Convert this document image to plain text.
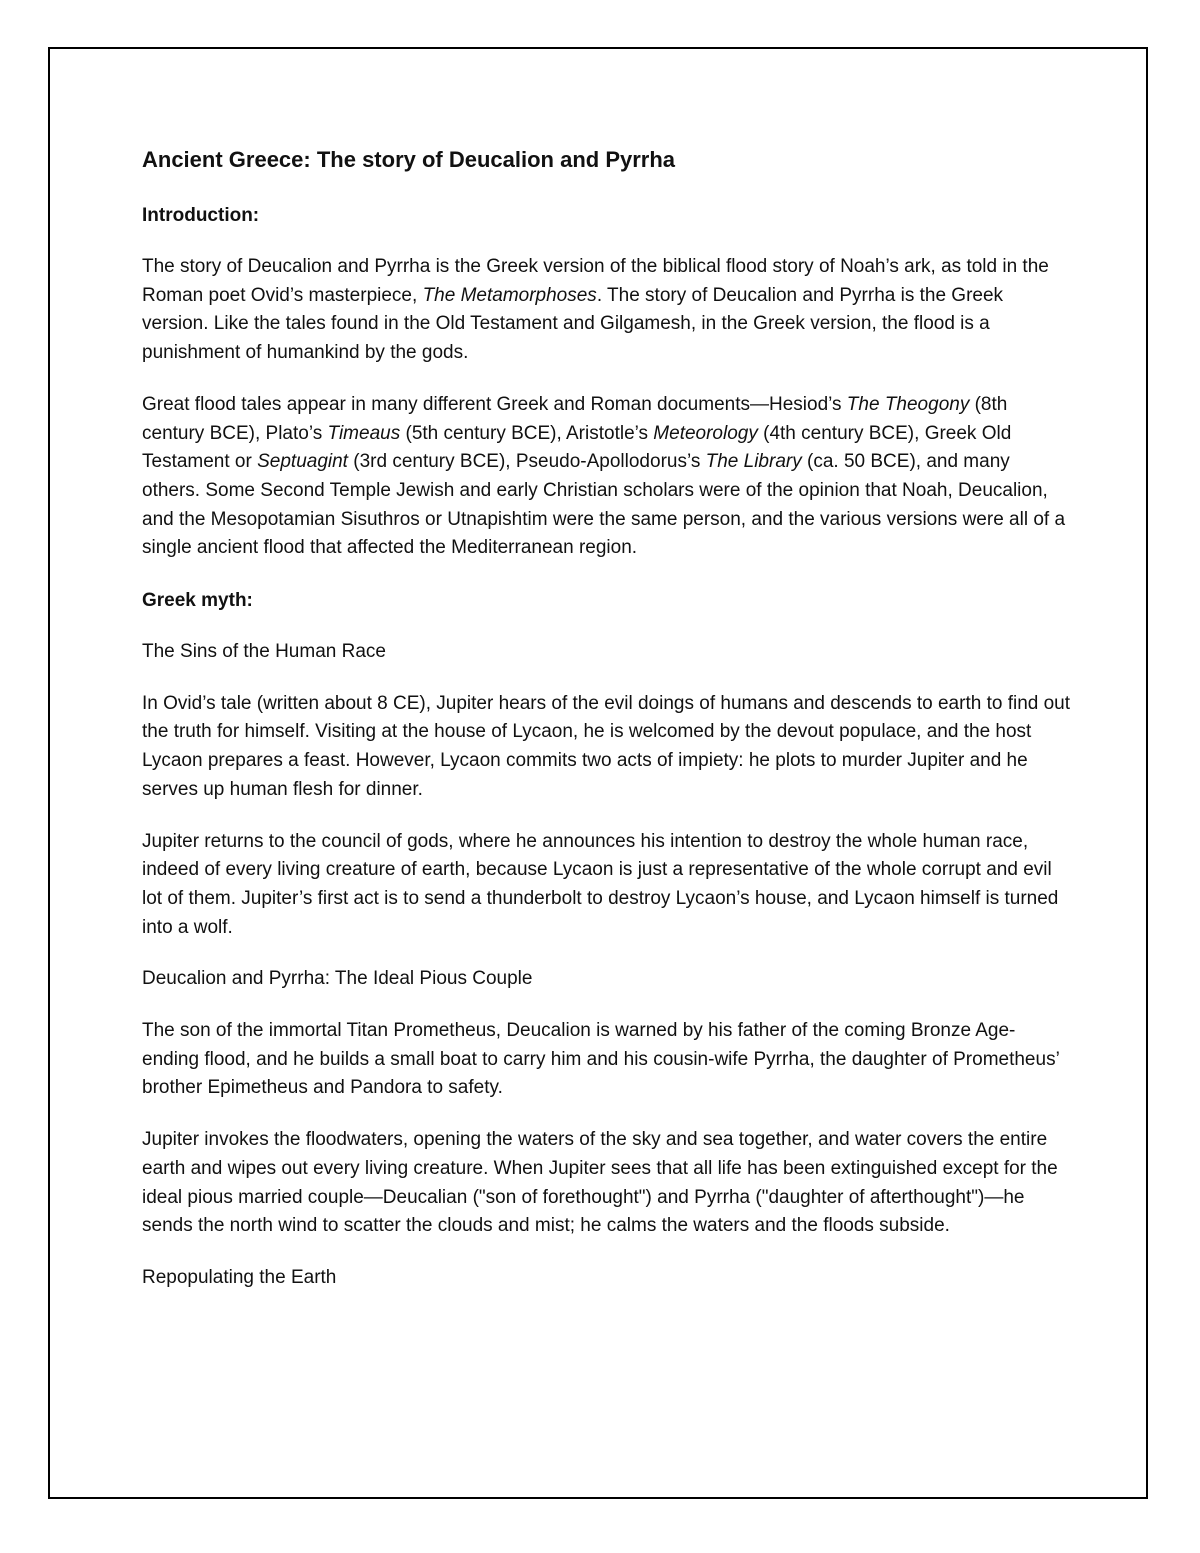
Ancient Greece: The story of Deucalion and Pyrrha
Introduction:

The story of Deucalion and Pyrrha is the Greek version of the biblical flood story of Noah’s ark, as told in the Roman poet Ovid’s masterpiece, The Metamorphoses. The story of Deucalion and Pyrrha is the Greek version. Like the tales found in the Old Testament and Gilgamesh, in the Greek version, the flood is a punishment of humankind by the gods.

Great flood tales appear in many different Greek and Roman documents—Hesiod’s The Theogony (8th century BCE), Plato’s Timeaus (5th century BCE), Aristotle’s Meteorology (4th century BCE), Greek Old Testament or Septuagint (3rd century BCE), Pseudo-Apollodorus’s The Library (ca. 50 BCE), and many others. Some Second Temple Jewish and early Christian scholars were of the opinion that Noah, Deucalion, and the Mesopotamian Sisuthros or Utnapishtim were the same person, and the various versions were all of a single ancient flood that affected the Mediterranean region.

Greek myth:

The Sins of the Human Race

In Ovid’s tale (written about 8 CE), Jupiter hears of the evil doings of humans and descends to earth to find out the truth for himself. Visiting at the house of Lycaon, he is welcomed by the devout populace, and the host Lycaon prepares a feast. However, Lycaon commits two acts of impiety: he plots to murder Jupiter and he serves up human flesh for dinner.

Jupiter returns to the council of gods, where he announces his intention to destroy the whole human race, indeed of every living creature of earth, because Lycaon is just a representative of the whole corrupt and evil lot of them. Jupiter’s first act is to send a thunderbolt to destroy Lycaon’s house, and Lycaon himself is turned into a wolf.

Deucalion and Pyrrha: The Ideal Pious Couple

The son of the immortal Titan Prometheus, Deucalion is warned by his father of the coming Bronze Age-ending flood, and he builds a small boat to carry him and his cousin-wife Pyrrha, the daughter of Prometheus’ brother Epimetheus and Pandora to safety.

Jupiter invokes the floodwaters, opening the waters of the sky and sea together, and water covers the entire earth and wipes out every living creature. When Jupiter sees that all life has been extinguished except for the ideal pious married couple—Deucalian ("son of forethought") and Pyrrha ("daughter of afterthought")—he sends the north wind to scatter the clouds and mist; he calms the waters and the floods subside.

Repopulating the Earth
